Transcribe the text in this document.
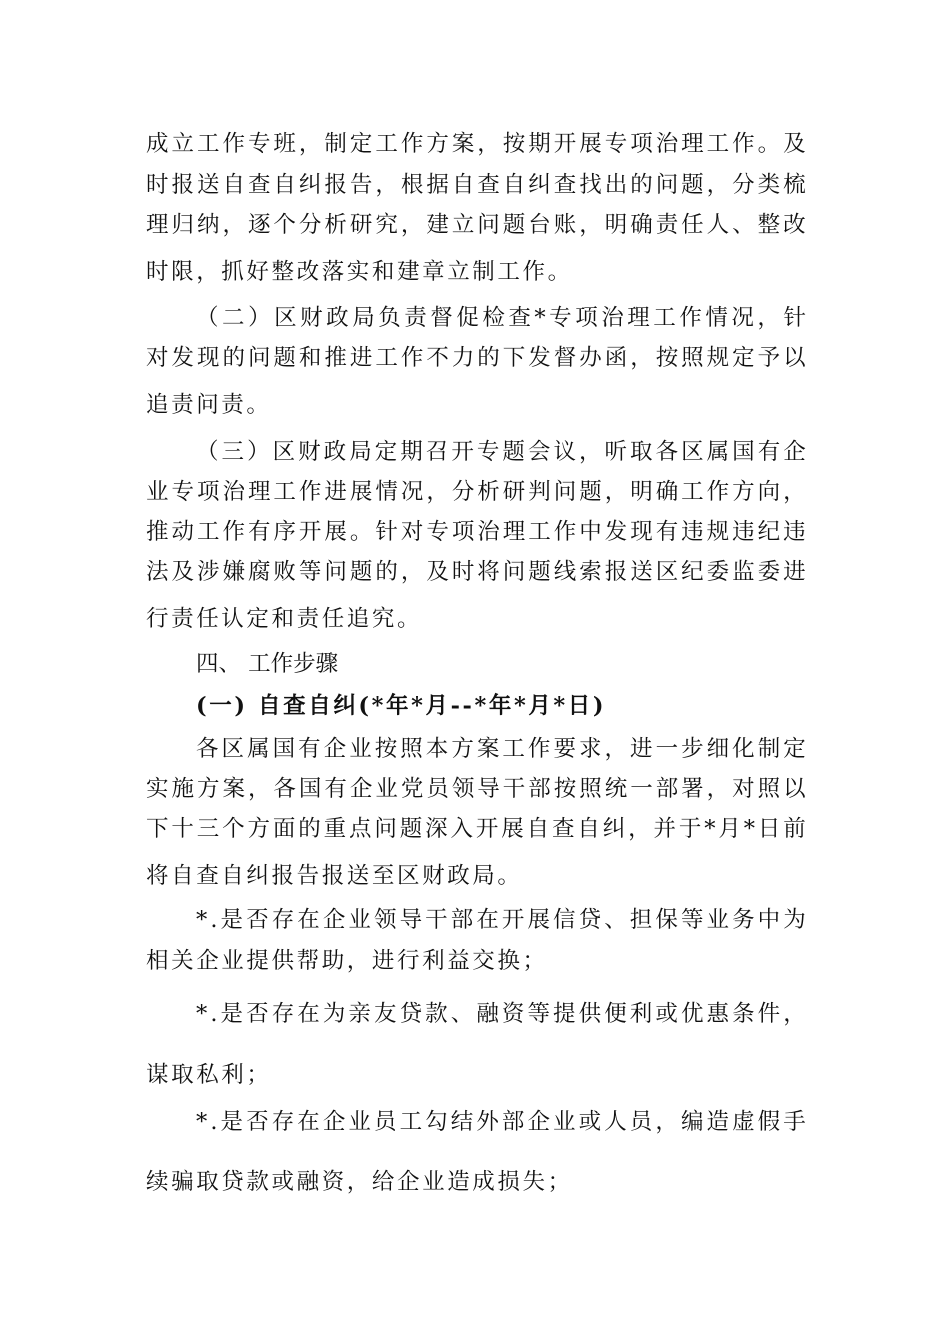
成 立 工 作 专 班 ， 制 定 工 作 方 案 ， 按 期 开 展 专 项 治 理 工 作 。 及
时 报 送 自 查 自 纠 报 告 ， 根 据 自 查 自 纠 查 找 出 的 问 题 ， 分 类 梳
理 归 纳 ， 逐 个 分 析 研 究 ， 建 立 问 题 台 账 ， 明 确 责 任 人 、 整 改
时限，抓好整改落实和建章立制工作。
（ 二 ） 区 财 政 局 负 责 督 促 检 查 * 专 项 治 理 工 作 情 况 ， 针
对 发 现 的 问 题 和 推 进 工 作 不 力 的 下 发 督 办 函 ， 按 照 规 定 予 以
追责问责。
（ 三 ） 区 财 政 局 定 期 召 开 专 题 会 议 ， 听 取 各 区 属 国 有 企
业 专 项 治 理 工 作 进 展 情 况 ， 分 析 研 判 问 题 ， 明 确 工 作 方 向 ，
推 动 工 作 有 序 开 展 。 针 对 专 项 治 理 工 作 中 发 现 有 违 规 违 纪 违
法 及 涉 嫌 腐 败 等 问 题 的 ， 及 时 将 问 题 线 索 报 送 区 纪 委 监 委 进
行责任认定和责任追究。
四、 工作步骤
(一) 自查自纠(*年*月--*年*月*日)
各 区 属 国 有 企 业 按 照 本 方 案 工 作 要 求 ， 进 一 步 细 化 制 定
实 施 方 案 ， 各 国 有 企 业 党 员 领 导 干 部 按 照 统 一 部 署 ， 对 照 以
下 十 三 个 方 面 的 重 点 问 题 深 入 开 展 自 查 自 纠 ， 并 于 * 月 * 日 前
将自查自纠报告报送至区财政局。
* . 是 否 存 在 企 业 领 导 干 部 在 开 展 信 贷 、 担 保 等 业 务 中 为
相关企业提供帮助，进行利益交换；
* . 是 否 存 在 为 亲 友 贷 款 、 融 资 等 提 供 便 利 或 优 惠 条 件 ，
谋取私利；
* . 是 否 存 在 企 业 员 工 勾 结 外 部 企 业 或 人 员 ， 编 造 虚 假 手
续骗取贷款或融资，给企业造成损失；
